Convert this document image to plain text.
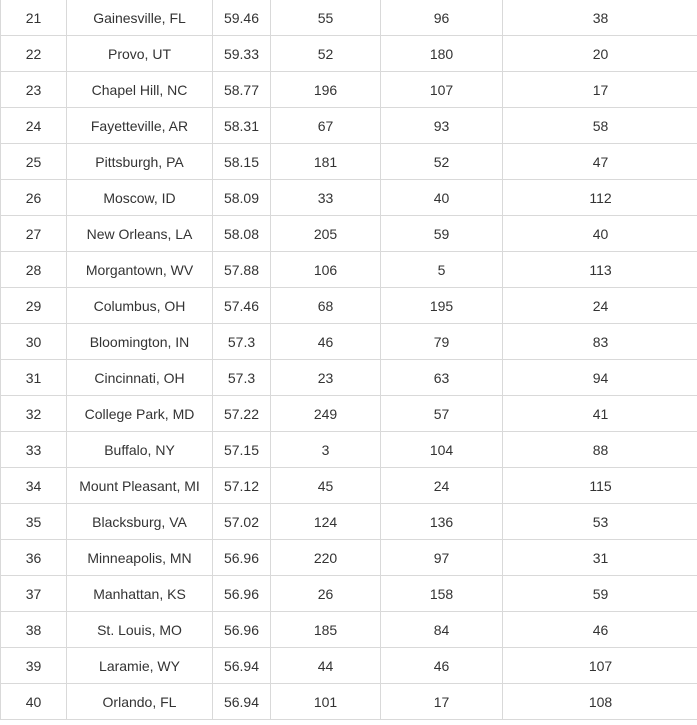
21	Gainesville, FL	59.46	55	96	38
22	Provo, UT	59.33	52	180	20
23	Chapel Hill, NC	58.77	196	107	17
24	Fayetteville, AR	58.31	67	93	58
25	Pittsburgh, PA	58.15	181	52	47
26	Moscow, ID	58.09	33	40	112
27	New Orleans, LA	58.08	205	59	40
28	Morgantown, WV	57.88	106	5	113
29	Columbus, OH	57.46	68	195	24
30	Bloomington, IN	57.3	46	79	83
31	Cincinnati, OH	57.3	23	63	94
32	College Park, MD	57.22	249	57	41
33	Buffalo, NY	57.15	3	104	88
34	Mount Pleasant, MI	57.12	45	24	115
35	Blacksburg, VA	57.02	124	136	53
36	Minneapolis, MN	56.96	220	97	31
37	Manhattan, KS	56.96	26	158	59
38	St. Louis, MO	56.96	185	84	46
39	Laramie, WY	56.94	44	46	107
40	Orlando, FL	56.94	101	17	108
